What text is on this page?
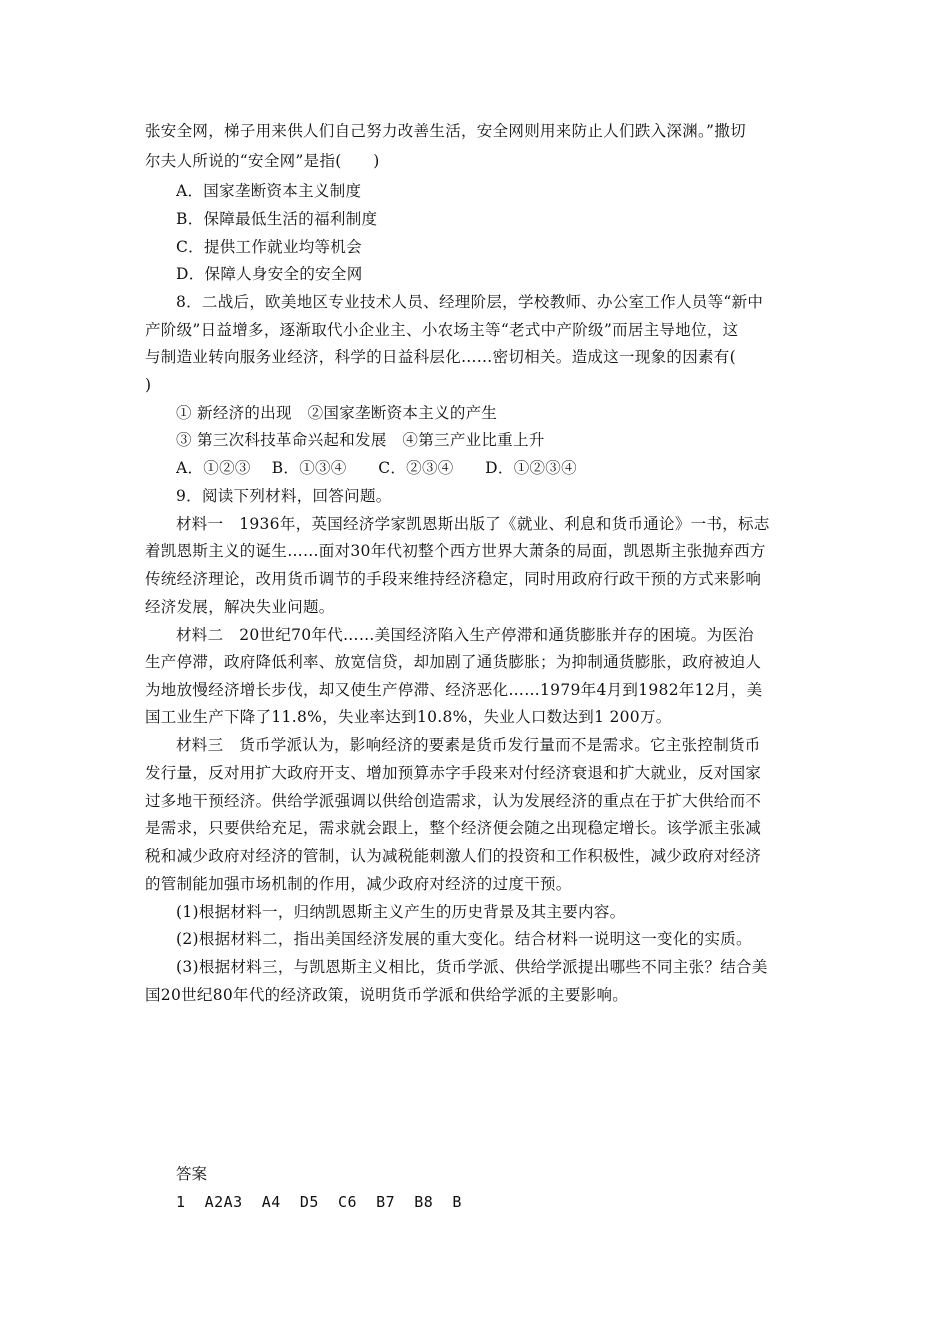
张安全网，梯子用来供人们自己努力改善生活，安全网则用来防止人们跌入深渊。”撒切
尔夫人所说的“安全网”是指(　　)
A．国家垄断资本主义制度
B．保障最低生活的福利制度
C．提供工作就业均等机会
D．保障人身安全的安全网
8．二战后，欧美地区专业技术人员、经理阶层，学校教师、办公室工作人员等“新中
产阶级”日益增多，逐渐取代小企业主、小农场主等“老式中产阶级”而居主导地位，这
与制造业转向服务业经济，科学的日益科层化……密切相关。造成这一现象的因素有(
)
① 新经济的出现　②国家垄断资本主义的产生
③ 第三次科技革命兴起和发展　④第三产业比重上升
A．①②③　 B．①③④　　C．②③④　　D．①②③④
9．阅读下列材料，回答问题。
材料一　1936年，英国经济学家凯恩斯出版了《就业、利息和货币通论》一书，标志
着凯恩斯主义的诞生……面对30年代初整个西方世界大萧条的局面，凯恩斯主张抛弃西方
传统经济理论，改用货币调节的手段来维持经济稳定，同时用政府行政干预的方式来影响
经济发展，解决失业问题。
材料二　20世纪70年代……美国经济陷入生产停滞和通货膨胀并存的困境。为医治
生产停滞，政府降低利率、放宽信贷，却加剧了通货膨胀；为抑制通货膨胀，政府被迫人
为地放慢经济增长步伐，却又使生产停滞、经济恶化……1979年4月到1982年12月，美
国工业生产下降了11.8%，失业率达到10.8%，失业人口数达到1 200万。
材料三　货币学派认为，影响经济的要素是货币发行量而不是需求。它主张控制货币
发行量，反对用扩大政府开支、增加预算赤字手段来对付经济衰退和扩大就业，反对国家
过多地干预经济。供给学派强调以供给创造需求，认为发展经济的重点在于扩大供给而不
是需求，只要供给充足，需求就会跟上，整个经济便会随之出现稳定增长。该学派主张减
税和减少政府对经济的管制，认为减税能刺激人们的投资和工作积极性，减少政府对经济
的管制能加强市场机制的作用，减少政府对经济的过度干预。
(1)根据材料一，归纳凯恩斯主义产生的历史背景及其主要内容。
(2)根据材料二，指出美国经济发展的重大变化。结合材料一说明这一变化的实质。
(3)根据材料三，与凯恩斯主义相比，货币学派、供给学派提出哪些不同主张？结合美
国20世纪80年代的经济政策，说明货币学派和供给学派的主要影响。
答案
1  A2A3  A4  D5  C6  B7  B8  B
